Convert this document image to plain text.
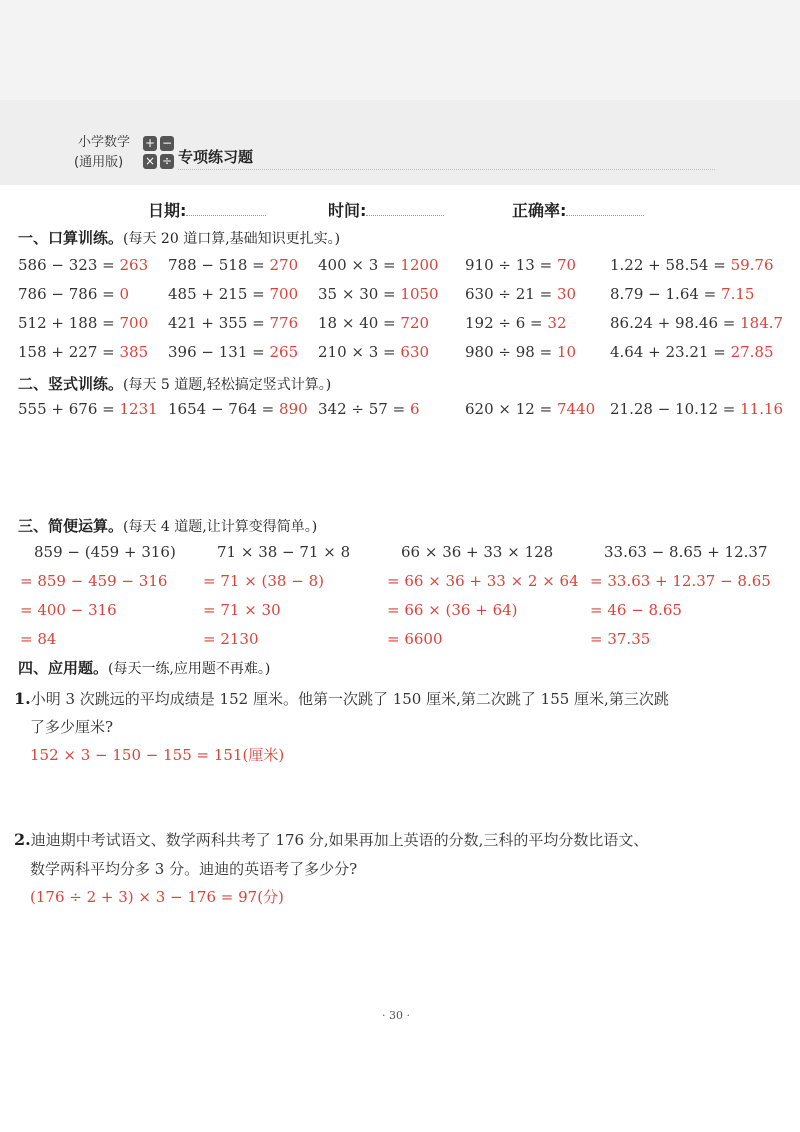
小学数学
(通用版)
+ −
× ÷ 专项练习题
日期:	时间:	正确率:
一、口算训练。(每天 20 道口算,基础知识更扎实。)
586 − 323 = 263 788 − 518 = 270 400 × 3 = 1200 910 ÷ 13 = 70 1.22 + 58.54 = 59.76
786 − 786 = 0	485 + 215 = 700 35 × 30 = 1050 630 ÷ 21 = 30 8.79 − 1.64 = 7.15
512 + 188 = 700 421 + 355 = 776 18 × 40 = 720 192 ÷ 6 = 32	86.24 + 98.46 = 184.7
158 + 227 = 385 396 − 131 = 265 210 × 3 = 630 980 ÷ 98 = 10 4.64 + 23.21 = 27.85
二、竖式训练。(每天 5 道题,轻松搞定竖式计算。)
555 + 676 = 1231 1654 − 764 = 890 342 ÷ 57 = 6	620 × 12 = 7440 21.28 − 10.12 = 11.16
三、简便运算。(每天 4 道题,让计算变得简单。)
859 − (459 + 316)
= 859 − 459 − 316
= 400 − 316
= 84
71 × 38 − 71 × 8
= 71 × (38 − 8)
= 71 × 30
= 2130
66 × 36 + 33 × 128
= 66 × 36 + 33 × 2 × 64
= 66 × (36 + 64)
= 6600
33.63 − 8.65 + 12.37
= 33.63 + 12.37 − 8.65
= 46 − 8.65
= 37.35
四、应用题。(每天一练,应用题不再难。)
1.小明 3 次跳远的平均成绩是 152 厘米。他第一次跳了 150 厘米,第二次跳了 155 厘米,第三次跳
了多少厘米?
152 × 3 − 150 − 155 = 151(厘米)
2.迪迪期中考试语文、数学两科共考了 176 分,如果再加上英语的分数,三科的平均分数比语文、
数学两科平均分多 3 分。迪迪的英语考了多少分?
(176 ÷ 2 + 3) × 3 − 176 = 97(分)
· 30 ·
